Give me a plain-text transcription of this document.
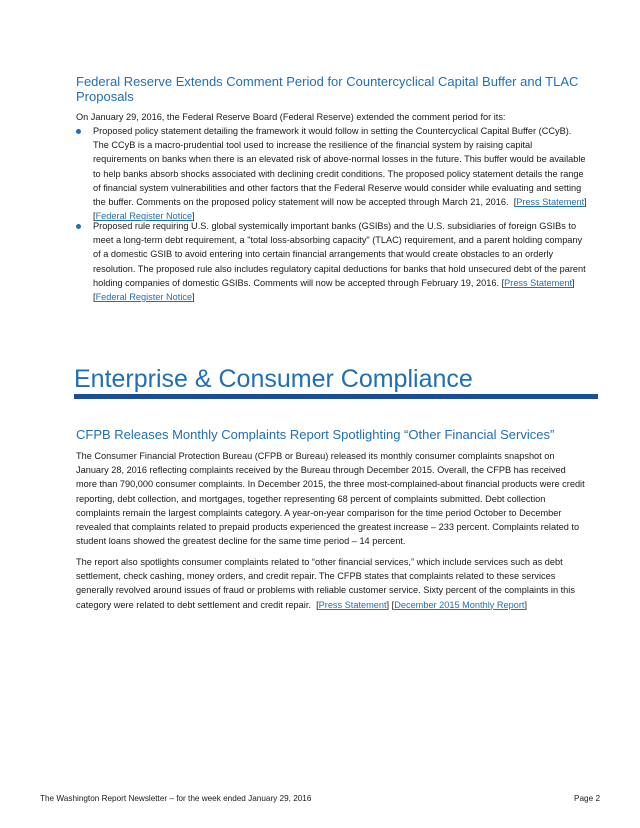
Federal Reserve Extends Comment Period for Countercyclical Capital Buffer and TLAC Proposals
On January 29, 2016, the Federal Reserve Board (Federal Reserve) extended the comment period for its:
Proposed policy statement detailing the framework it would follow in setting the Countercyclical Capital Buffer (CCyB). The CCyB is a macro-prudential tool used to increase the resilience of the financial system by raising capital requirements on banks when there is an elevated risk of above-normal losses in the future. This buffer would be available to help banks absorb shocks associated with declining credit conditions. The proposed policy statement details the range of financial system vulnerabilities and other factors that the Federal Reserve would consider while evaluating and setting the buffer. Comments on the proposed policy statement will now be accepted through March 21, 2016. [Press Statement] [Federal Register Notice]
Proposed rule requiring U.S. global systemically important banks (GSIBs) and the U.S. subsidiaries of foreign GSIBs to meet a long-term debt requirement, a "total loss-absorbing capacity" (TLAC) requirement, and a parent holding company of a domestic GSIB to avoid entering into certain financial arrangements that would create obstacles to an orderly resolution. The proposed rule also includes regulatory capital deductions for banks that hold unsecured debt of the parent holding companies of domestic GSIBs. Comments will now be accepted through February 19, 2016. [Press Statement] [Federal Register Notice]
Enterprise & Consumer Compliance
CFPB Releases Monthly Complaints Report Spotlighting “Other Financial Services”
The Consumer Financial Protection Bureau (CFPB or Bureau) released its monthly consumer complaints snapshot on January 28, 2016 reflecting complaints received by the Bureau through December 2015. Overall, the CFPB has received more than 790,000 consumer complaints. In December 2015, the three most-complained-about financial products were credit reporting, debt collection, and mortgages, together representing 68 percent of complaints submitted. Debt collection complaints remain the largest complaints category. A year-on-year comparison for the time period October to December revealed that complaints related to prepaid products experienced the greatest increase – 233 percent. Complaints related to student loans showed the greatest decline for the same time period – 14 percent.
The report also spotlights consumer complaints related to “other financial services,” which include services such as debt settlement, check cashing, money orders, and credit repair. The CFPB states that complaints related to these services generally revolved around issues of fraud or problems with reliable customer service. Sixty percent of the complaints in this category were related to debt settlement and credit repair. [Press Statement] [December 2015 Monthly Report]
The Washington Report Newsletter – for the week ended January 29, 2016	Page 2
